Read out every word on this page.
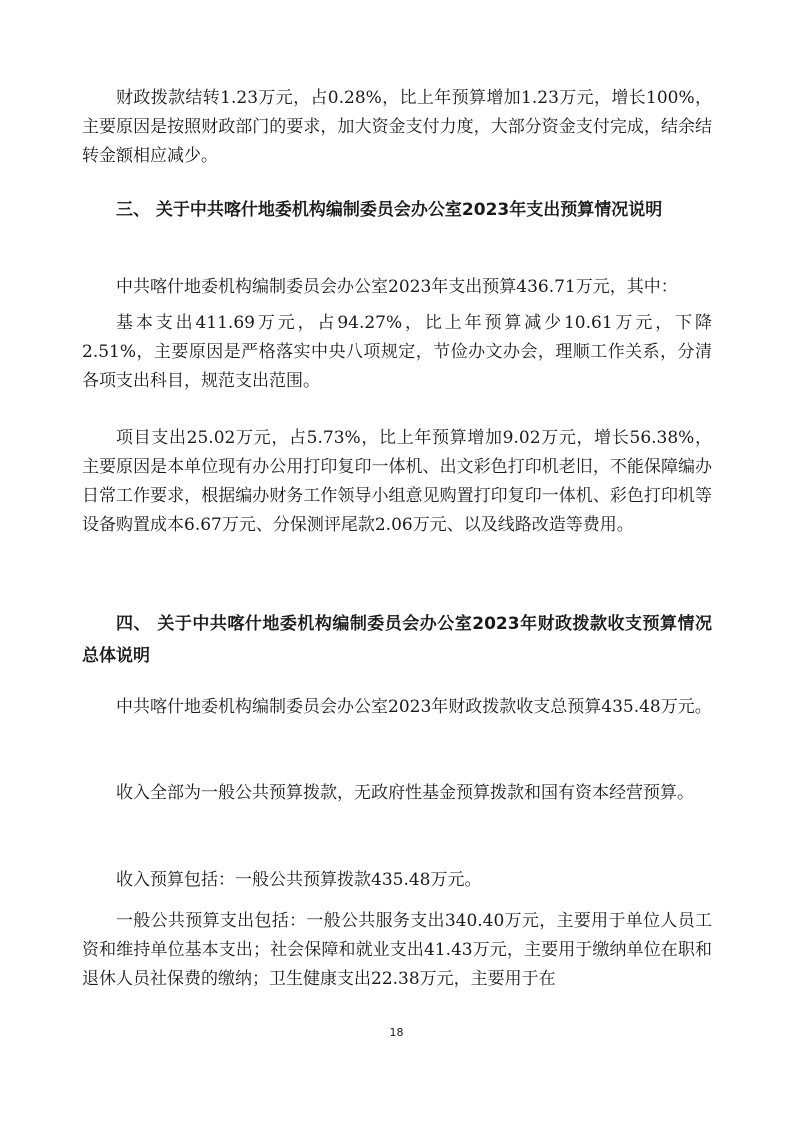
财政拨款结转1.23万元，占0.28%，比上年预算增加1.23万元，增长100%，主要原因是按照财政部门的要求，加大资金支付力度，大部分资金支付完成，结余结转金额相应减少。

三、 关于中共喀什地委机构编制委员会办公室2023年支出预算情况说明

中共喀什地委机构编制委员会办公室2023年支出预算436.71万元，其中：

基本支出411.69万元，占94.27%，比上年预算减少10.61万元，下降2.51%，主要原因是严格落实中央八项规定，节俭办文办会，理顺工作关系，分清各项支出科目，规范支出范围。

项目支出25.02万元，占5.73%，比上年预算增加9.02万元，增长56.38%，主要原因是本单位现有办公用打印复印一体机、出文彩色打印机老旧，不能保障编办日常工作要求，根据编办财务工作领导小组意见购置打印复印一体机、彩色打印机等设备购置成本6.67万元、分保测评尾款2.06万元、以及线路改造等费用。

四、 关于中共喀什地委机构编制委员会办公室2023年财政拨款收支预算情况总体说明

中共喀什地委机构编制委员会办公室2023年财政拨款收支总预算435.48万元。

收入全部为一般公共预算拨款，无政府性基金预算拨款和国有资本经营预算。

收入预算包括：一般公共预算拨款435.48万元。

一般公共预算支出包括：一般公共服务支出340.40万元，主要用于单位人员工资和维持单位基本支出；社会保障和就业支出41.43万元，主要用于缴纳单位在职和退休人员社保费的缴纳；卫生健康支出22.38万元，主要用于在

18
